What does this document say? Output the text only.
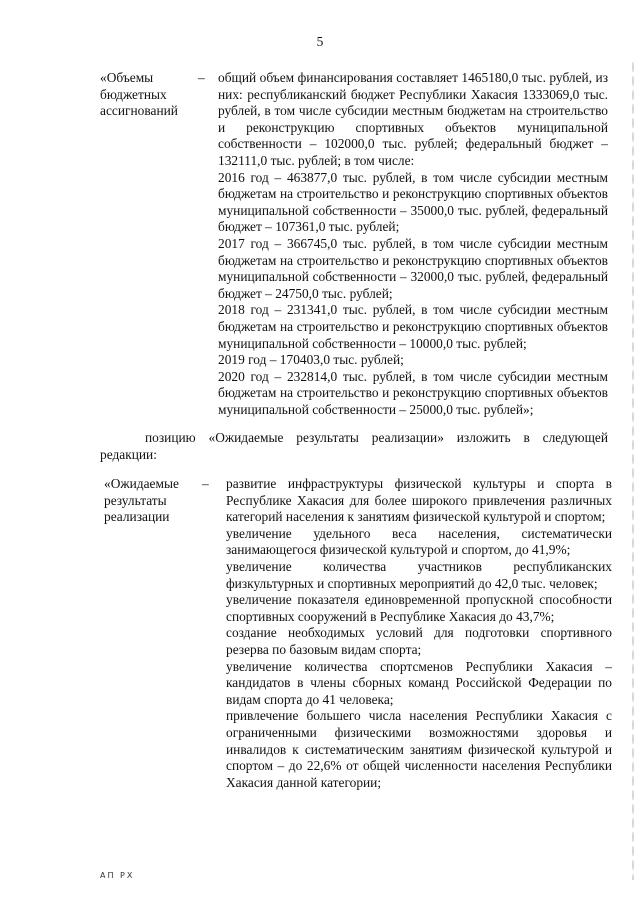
5
«Объемы
бюджетных
ассигнований
– общий объем финансирования составляет 1465180,0 тыс. рублей, из них: республиканский бюджет Республики Хакасия 1333069,0 тыс. рублей, в том числе субсидии местным бюджетам на строительство и реконструкцию спортивных объектов муниципальной собственности – 102000,0 тыс. рублей; федеральный бюджет – 132111,0 тыс. рублей; в том числе:

2016 год – 463877,0 тыс. рублей, в том числе субсидии местным бюджетам на строительство и реконструкцию спортивных объектов муниципальной собственности – 35000,0 тыс. рублей, федеральный бюджет – 107361,0 тыс. рублей;

2017 год – 366745,0 тыс. рублей, в том числе субсидии местным бюджетам на строительство и реконструкцию спортивных объектов муниципальной собственности – 32000,0 тыс. рублей, федеральный бюджет – 24750,0 тыс. рублей;

2018 год – 231341,0 тыс. рублей, в том числе субсидии местным бюджетам на строительство и реконструкцию спортивных объектов муниципальной собственности – 10000,0 тыс. рублей;

2019 год – 170403,0 тыс. рублей;

2020 год – 232814,0 тыс. рублей, в том числе субсидии местным бюджетам на строительство и реконструкцию спортивных объектов муниципальной собственности – 25000,0 тыс. рублей»;

позицию «Ожидаемые результаты реализации» изложить в следующей редакции:

«Ожидаемые
результаты
реализации
–	развитие инфраструктуры физической культуры и спорта в Республике Хакасия для более широкого привлечения различных категорий населения к занятиям физической культурой и спортом;

увеличение удельного веса населения, систематически занимающегося физической культурой и спортом, до 41,9%;

увеличение количества участников республиканских физкультурных и спортивных мероприятий до 42,0 тыс. человек;

увеличение показателя единовременной пропускной способности спортивных сооружений в Республике Хакасия до 43,7%;

создание необходимых условий для подготовки спортивного резерва по базовым видам спорта;

увеличение количества спортсменов Республики Хакасия – кандидатов в члены сборных команд Российской Федерации по видам спорта до 41 человека;

привлечение большего числа населения Республики Хакасия с ограниченными физическими возможностями здоровья и инвалидов к систематическим занятиям физической культурой и спортом – до 22,6% от общей численности населения Республики Хакасия данной категории;

АП РХ
